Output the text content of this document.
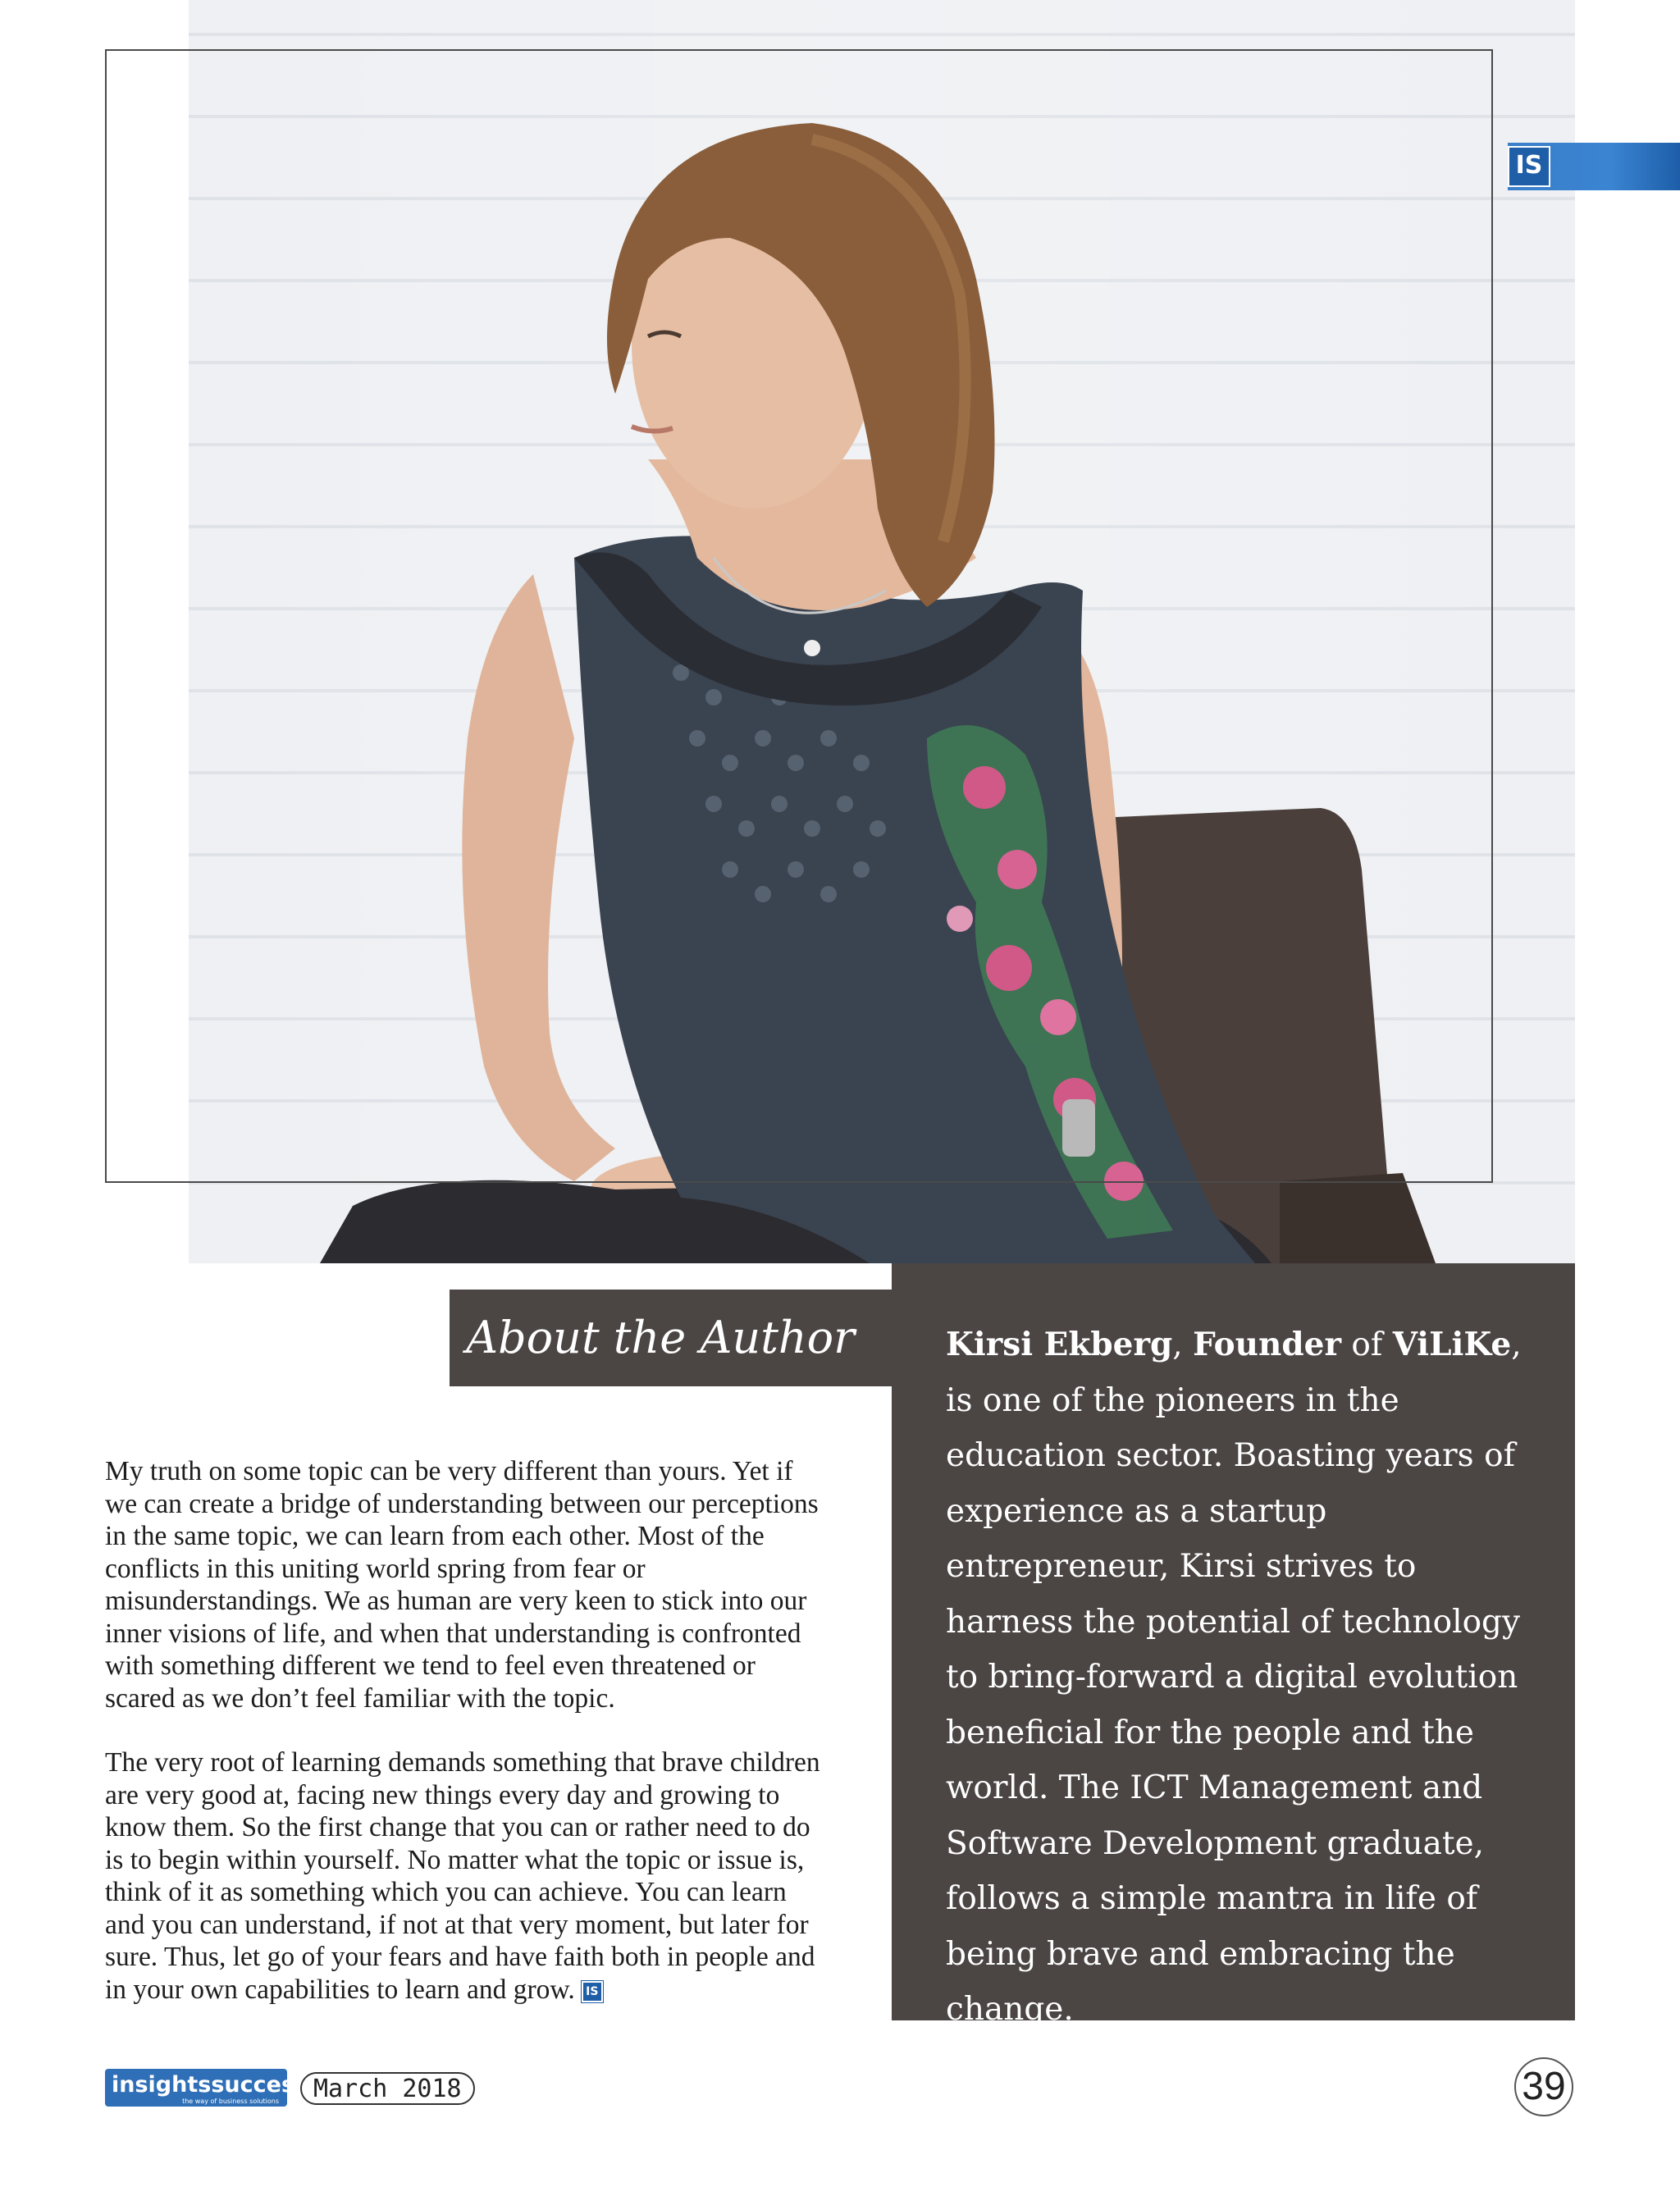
IS
About the Author	Kirsi Ekberg, Founder of ViLiKe, is one of the pioneers in the education sector. Boasting years of experience as a startup entrepreneur, Kirsi strives to harness the potential of technology to bring-forward a digital evolution beneficial for the people and the world. The ICT Management and Software Development graduate, follows a simple mantra in life of being brave and embracing the change.

My truth on some topic can be very different than yours. Yet if we can create a bridge of understanding between our perceptions in the same topic, we can learn from each other. Most of the conflicts in this uniting world spring from fear or misunderstandings. We as human are very keen to stick into our inner visions of life, and when that understanding is confronted with something different we tend to feel even threatened or scared as we don’t feel familiar with the topic.

The very root of learning demands something that brave children are very good at, facing new things every day and growing to know them. So the first change that you can or rather need to do is to begin within yourself. No matter what the topic or issue is, think of it as something which you can achieve. You can learn and you can understand, if not at that very moment, but later for sure. Thus, let go of your fears and have faith both in people and in your own capabilities to learn and grow. IS

insightssuccess
the way of business solutions	March 2018	39
